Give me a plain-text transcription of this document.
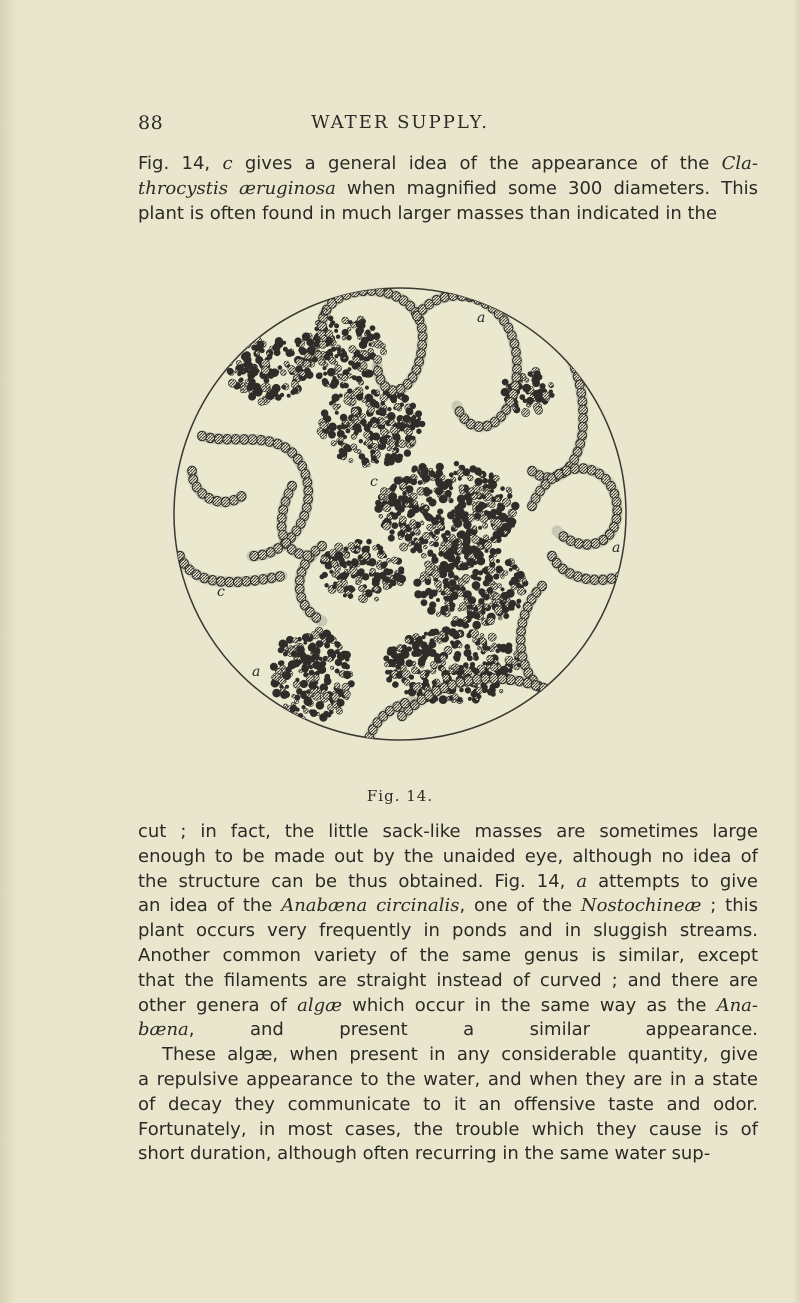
88	WATER SUPPLY.
Fig. 14, c gives a general idea of the appearance of the Cla-
throcystis æruginosa when magnified some 300 diameters. This
plant is often found in much larger masses than indicated in the
c	a
c
a
c
a
Fig. 14.
cut ; in fact, the little sack-like masses are sometimes large
enough to be made out by the unaided eye, although no idea of
the structure can be thus obtained. Fig. 14, a attempts to give
an idea of the Anabæna circinalis, one of the Nostochineæ ; this
plant occurs very frequently in ponds and in sluggish streams.
Another common variety of the same genus is similar, except
that the filaments are straight instead of curved ; and there are
other genera of algæ which occur in the same way as the Ana-
bæna, and present a similar appearance.
These algæ, when present in any considerable quantity, give
a repulsive appearance to the water, and when they are in a state
of decay they communicate to it an offensive taste and odor.
Fortunately, in most cases, the trouble which they cause is of
short duration, although often recurring in the same water sup-
